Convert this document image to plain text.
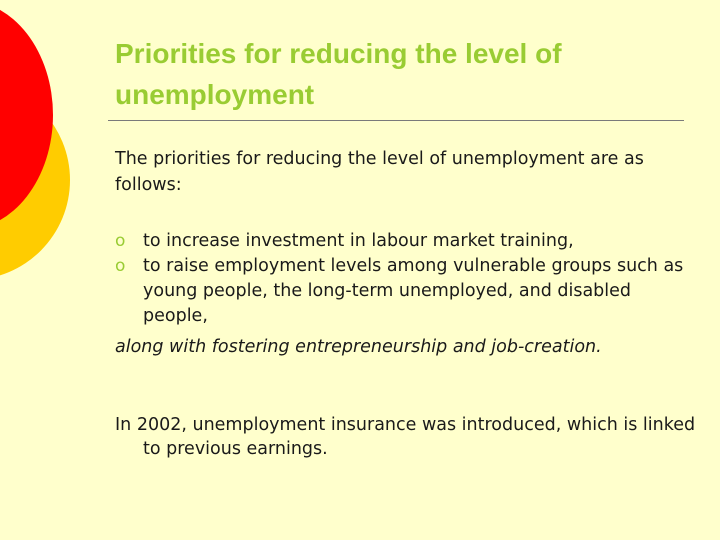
Priorities for reducing the level of unemployment

The priorities for reducing the level of unemployment are as follows:

o to increase investment in labour market training,
o to raise employment levels among vulnerable groups such as young people, the long-term unemployed, and disabled people,

along with fostering entrepreneurship and job-creation.

In 2002, unemployment insurance was introduced, which is linked to previous earnings.
